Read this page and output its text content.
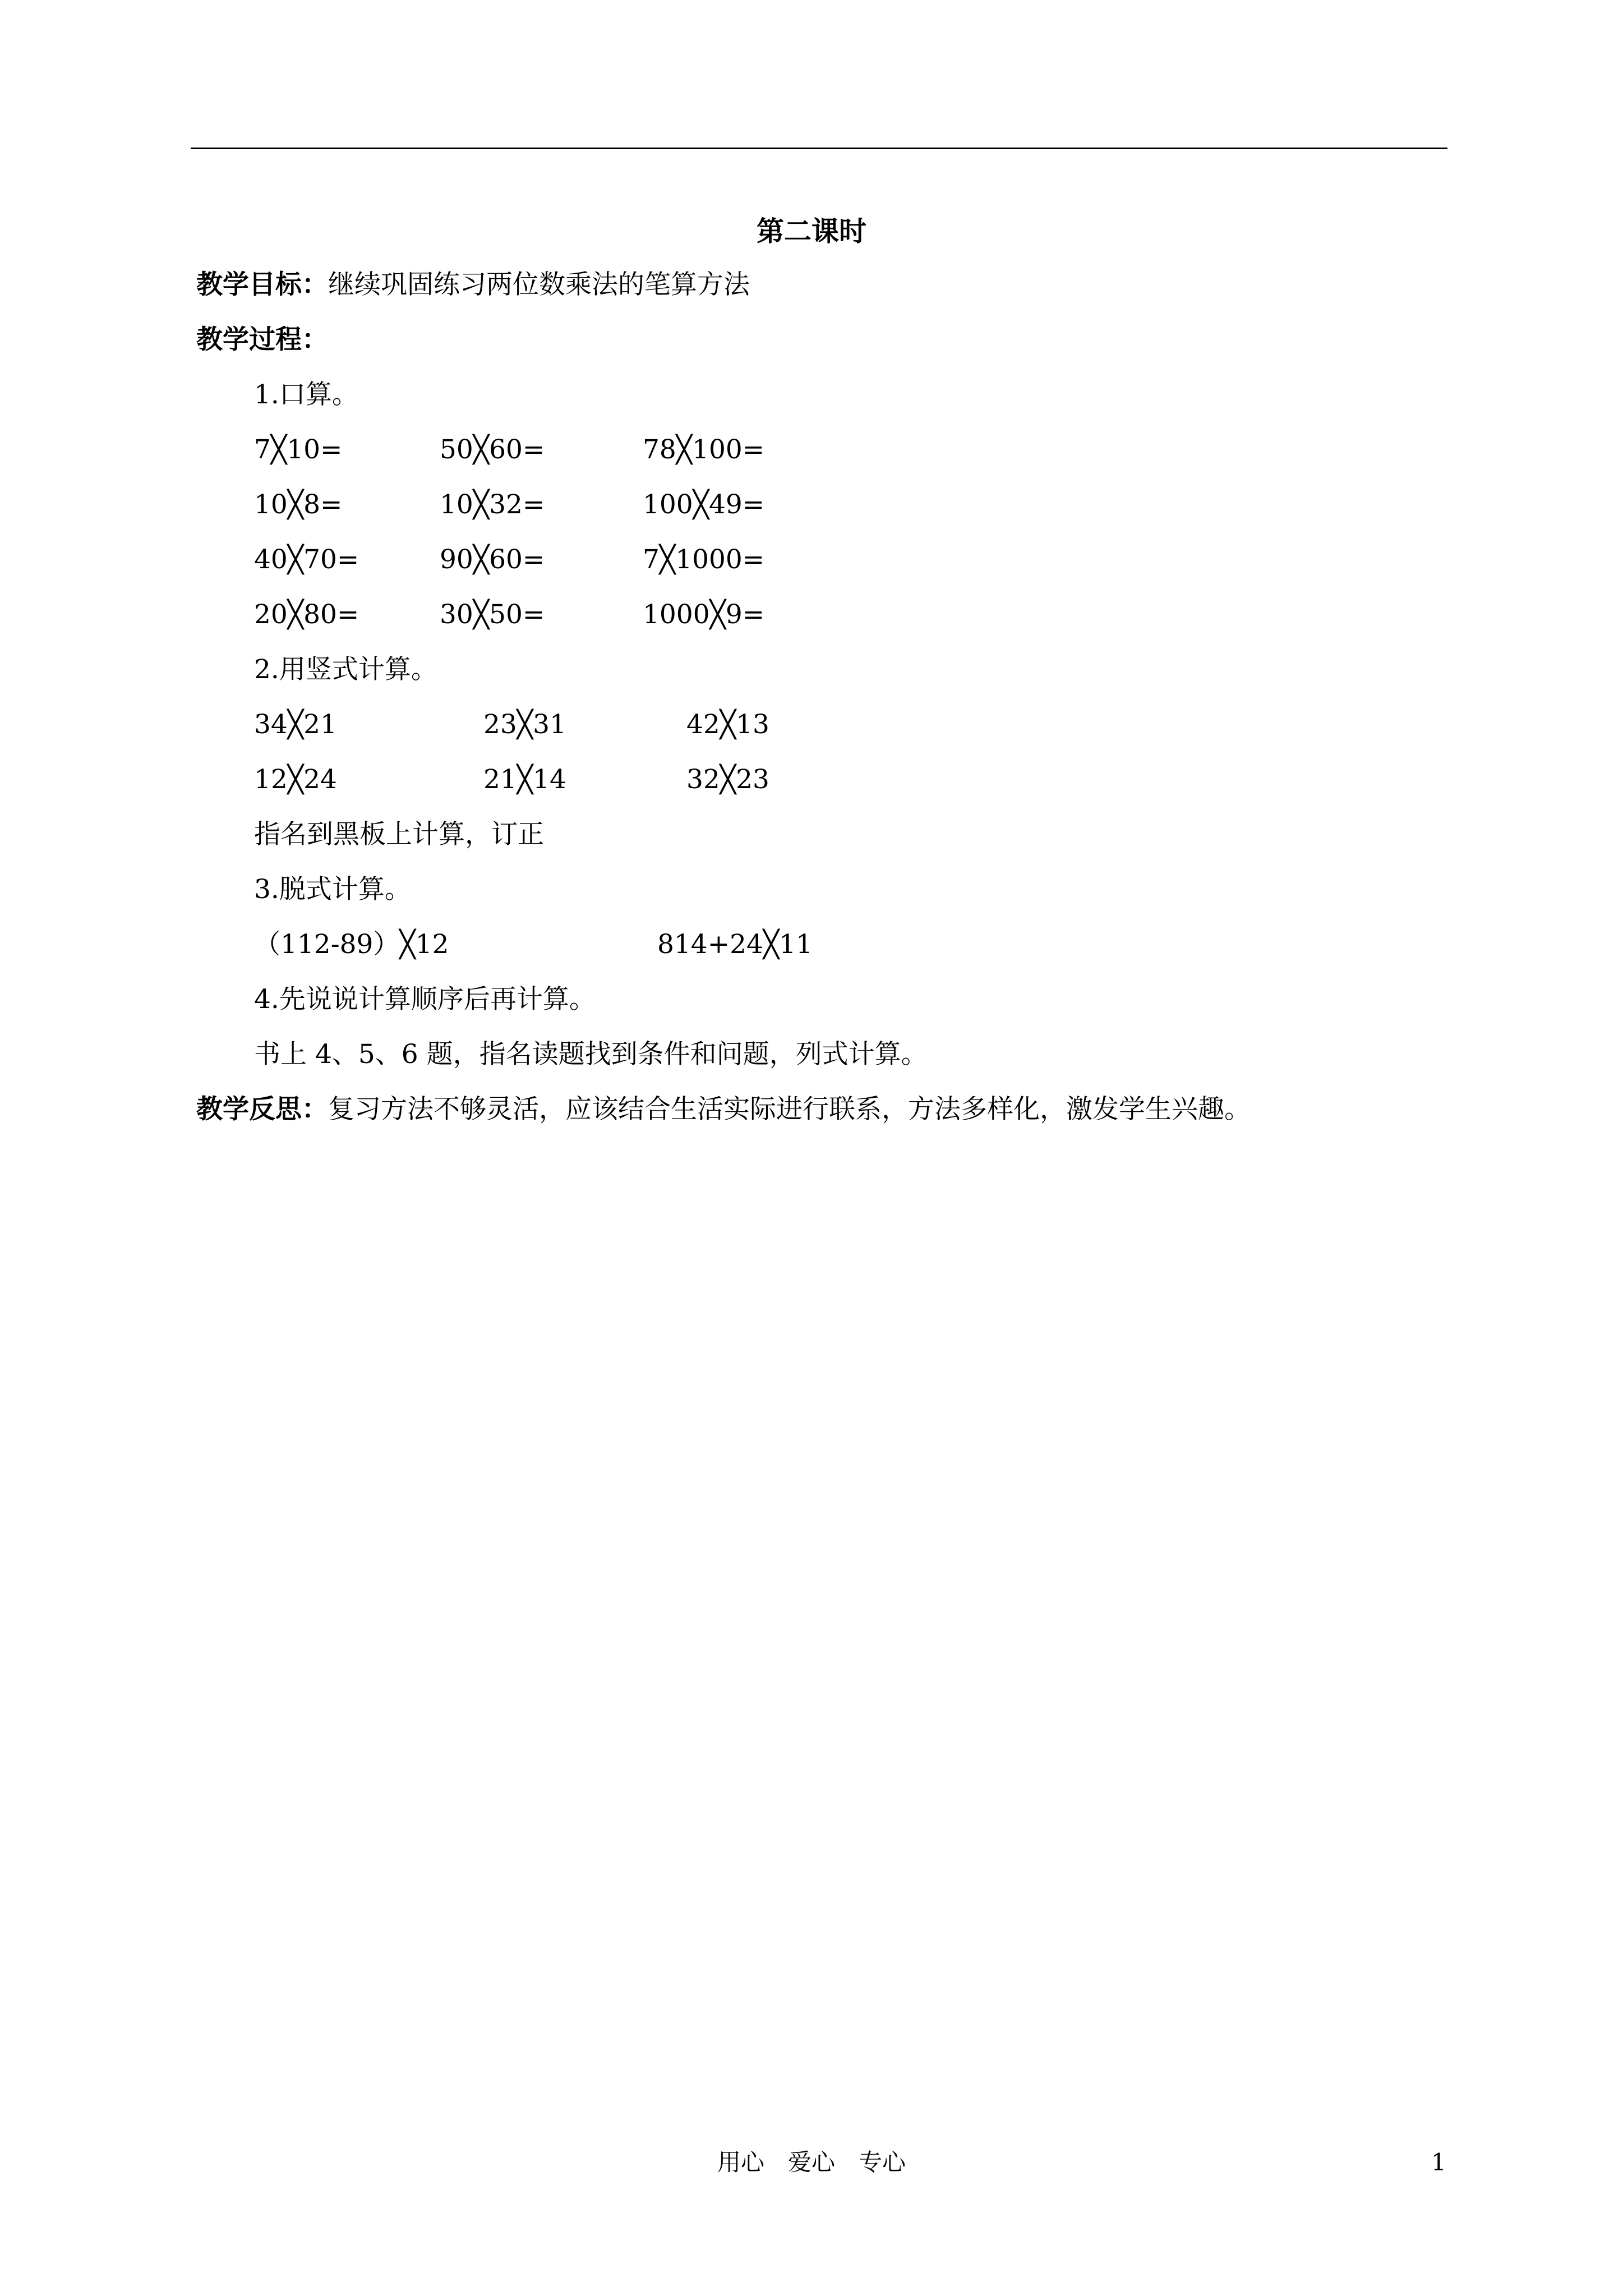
第二课时
教学目标：继续巩固练习两位数乘法的笔算方法
教学过程：
1.口算。
7╳10=	50╳60=	78╳100=
10╳8=	10╳32=	100╳49=
40╳70=	90╳60=	7╳1000=
20╳80=	30╳50=	1000╳9=
2.用竖式计算。
34╳21	23╳31	42╳13
12╳24	21╳14	32╳23
指名到黑板上计算，订正
3.脱式计算。
（112-89）╳12	814+24╳11
4.先说说计算顺序后再计算。
书上 4、5、6 题，指名读题找到条件和问题，列式计算。
教学反思：复习方法不够灵活，应该结合生活实际进行联系，方法多样化，激发学生兴趣。
用心　爱心　专心	1
